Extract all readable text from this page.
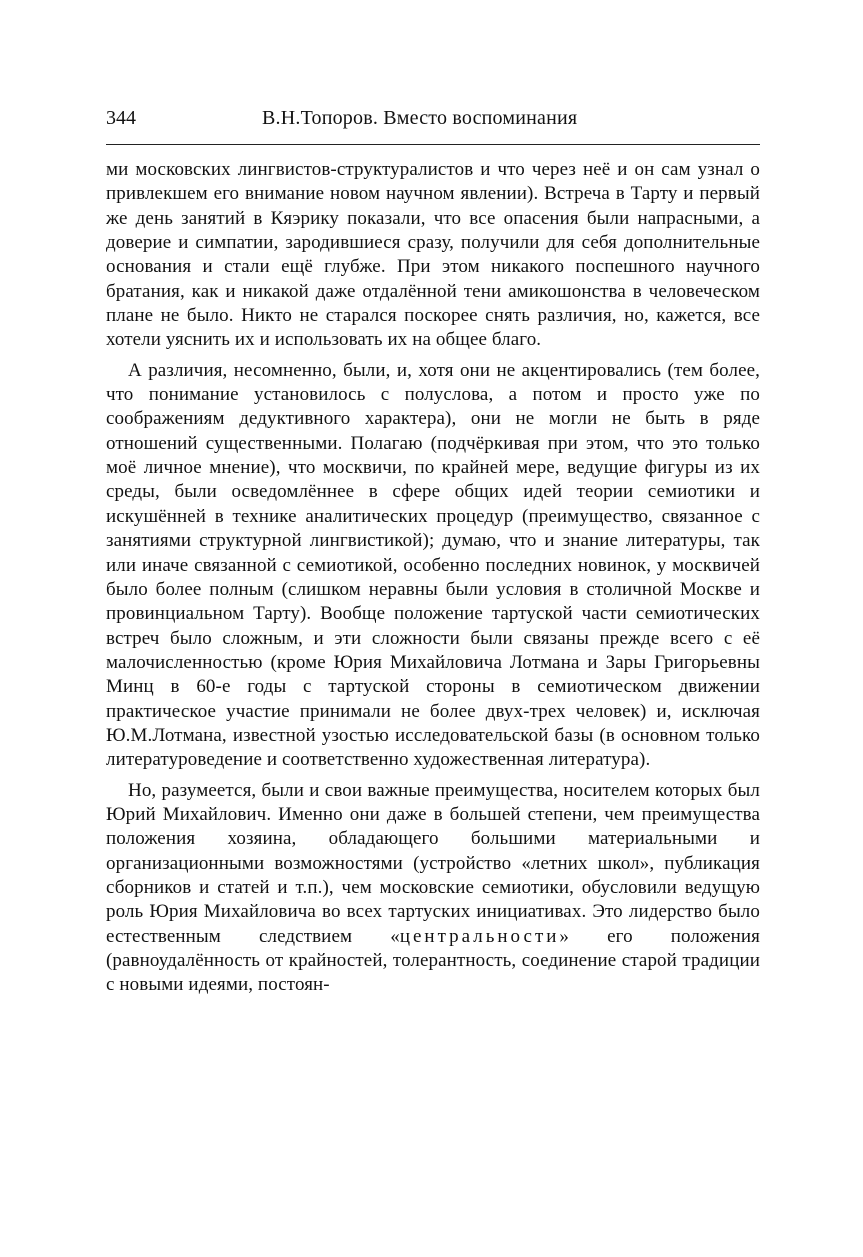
344	В.Н.Топоров. Вместо воспоминания

ми московских лингвистов-структуралистов и что через неё и он сам узнал о привлекшем его внимание новом научном явлении). Встреча в Тарту и первый же день занятий в Кяэрику показали, что все опасения были напрасными, а доверие и симпатии, зародившиеся сразу, получили для себя дополнительные основания и стали ещё глубже. При этом никакого поспешного научного братания, как и никакой даже отдалённой тени амикошонства в человеческом плане не было. Никто не старался поскорее снять различия, но, кажется, все хотели уяснить их и использовать их на общее благо.

А различия, несомненно, были, и, хотя они не акцентировались (тем более, что понимание установилось с полуслова, а потом и просто уже по соображениям дедуктивного характера), они не могли не быть в ряде отношений существенными. Полагаю (подчёркивая при этом, что это только моё личное мнение), что москвичи, по крайней мере, ведущие фигуры из их среды, были осведомлённее в сфере общих идей теории семиотики и искушённей в технике аналитических процедур (преимущество, связанное с занятиями структурной лингвистикой); думаю, что и знание литературы, так или иначе связанной с семиотикой, особенно последних новинок, у москвичей было более полным (слишком неравны были условия в столичной Москве и провинциальном Тарту). Вообще положение тартуской части семиотических встреч было сложным, и эти сложности были связаны прежде всего с её малочисленностью (кроме Юрия Михайловича Лотмана и Зары Григорьевны Минц в 60-е годы с тартуской стороны в семиотическом движении практическое участие принимали не более двух-трех человек) и, исключая Ю.М.Лотмана, известной узостью исследовательской базы (в основном только литературоведение и соответственно художественная литература).

Но, разумеется, были и свои важные преимущества, носителем которых был Юрий Михайлович. Именно они даже в большей степени, чем преимущества положения хозяина, обладающего большими материальными и организационными возможностями (устройство «летних школ», публикация сборников и статей и т.п.), чем московские семиотики, обусловили ведущую роль Юрия Михайловича во всех тартуских инициативах. Это лидерство было естественным следствием «центральности» его положения (равноудалённость от крайностей, толерантность, соединение старой традиции с новыми идеями, постоян-
